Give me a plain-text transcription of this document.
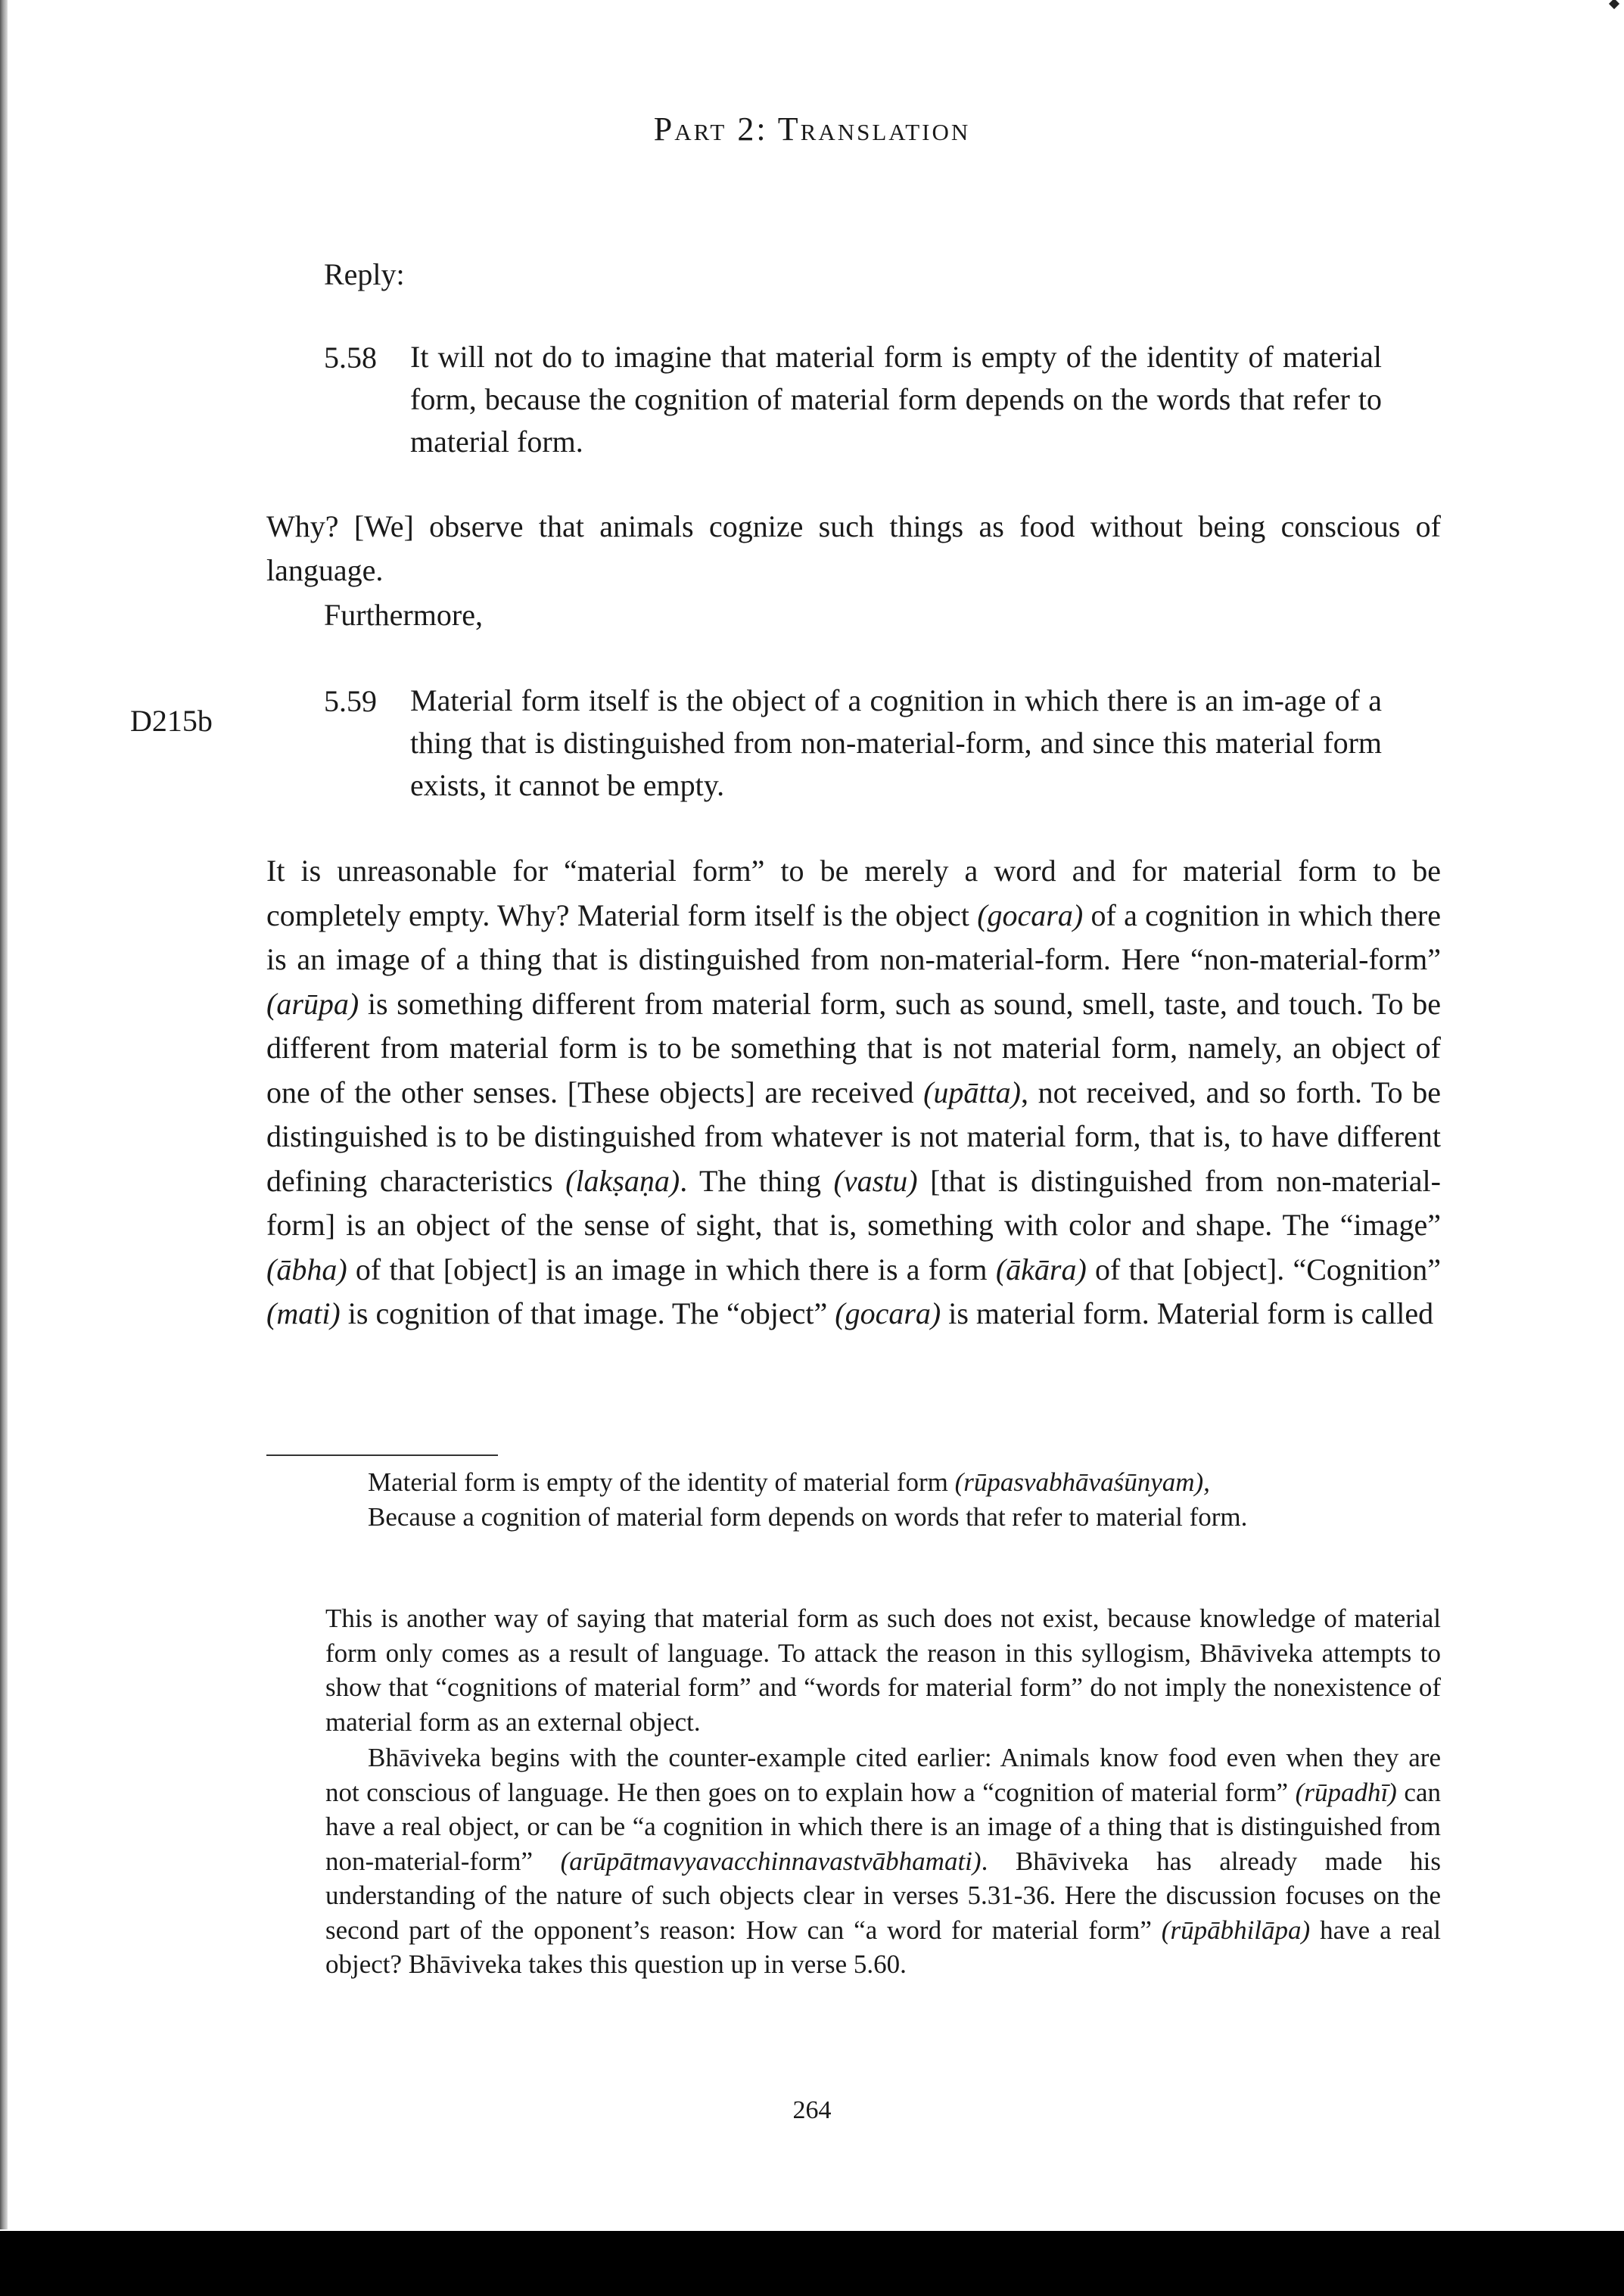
Part 2: Translation
Reply:
5.58 It will not do to imagine that material form is empty of the identity of material form, because the cognition of material form depends on the words that refer to material form.

Why? [We] observe that animals cognize such things as food without being conscious of language.

Furthermore,
D215b
5.59 Material form itself is the object of a cognition in which there is an im-age of a thing that is distinguished from non-material-form, and since this material form exists, it cannot be empty.

It is unreasonable for “material form” to be merely a word and for material form to be completely empty. Why? Material form itself is the object (gocara) of a cognition in which there is an image of a thing that is distinguished from non-material-form. Here “non-material-form” (arūpa) is something different from material form, such as sound, smell, taste, and touch. To be different from material form is to be something that is not material form, namely, an object of one of the other senses. [These objects] are received (upātta), not received, and so forth. To be distinguished is to be distinguished from whatever is not material form, that is, to have different defining characteristics (lakṣaṇa). The thing (vastu) [that is distinguished from non-material-form] is an object of the sense of sight, that is, something with color and shape. The “image” (ābha) of that [object] is an image in which there is a form (ākāra) of that [object]. “Cognition” (mati) is cognition of that image. The “object” (gocara) is material form. Material form is called

Material form is empty of the identity of material form (rūpasvabhāvaśūnyam),
Because a cognition of material form depends on words that refer to material form.

This is another way of saying that material form as such does not exist, because knowledge of material form only comes as a result of language. To attack the reason in this syllogism, Bhāviveka attempts to show that “cognitions of material form” and “words for material form” do not imply the nonexistence of material form as an external object.

Bhāviveka begins with the counter-example cited earlier: Animals know food even when they are not conscious of language. He then goes on to explain how a “cognition of material form” (rūpadhī) can have a real object, or can be “a cognition in which there is an image of a thing that is distinguished from non-material-form” (arūpātmavyavacchinnavastvābhamati). Bhāviveka has already made his understanding of the nature of such objects clear in verses 5.31-36. Here the discussion focuses on the second part of the opponent’s reason: How can “a word for material form” (rūpābhilāpa) have a real object? Bhāviveka takes this question up in verse 5.60.

264
